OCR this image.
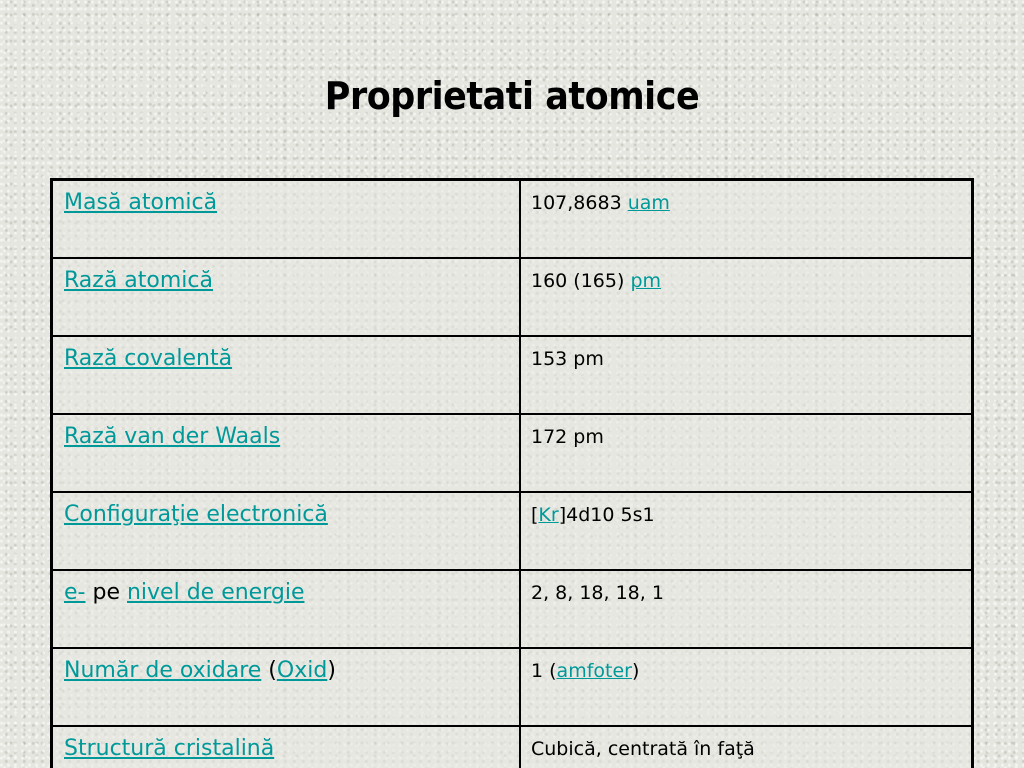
Proprietati atomice
Masă atomică	107,8683 uam
Rază atomică	160 (165) pm
Rază covalentă	153 pm
Rază van der Waals	172 pm
Configuraţie electronică	[Kr]4d10 5s1
e- pe nivel de energie	2, 8, 18, 18, 1
Număr de oxidare (Oxid)	1 (amfoter)
Structură cristalină	Cubică, centrată în faţă
